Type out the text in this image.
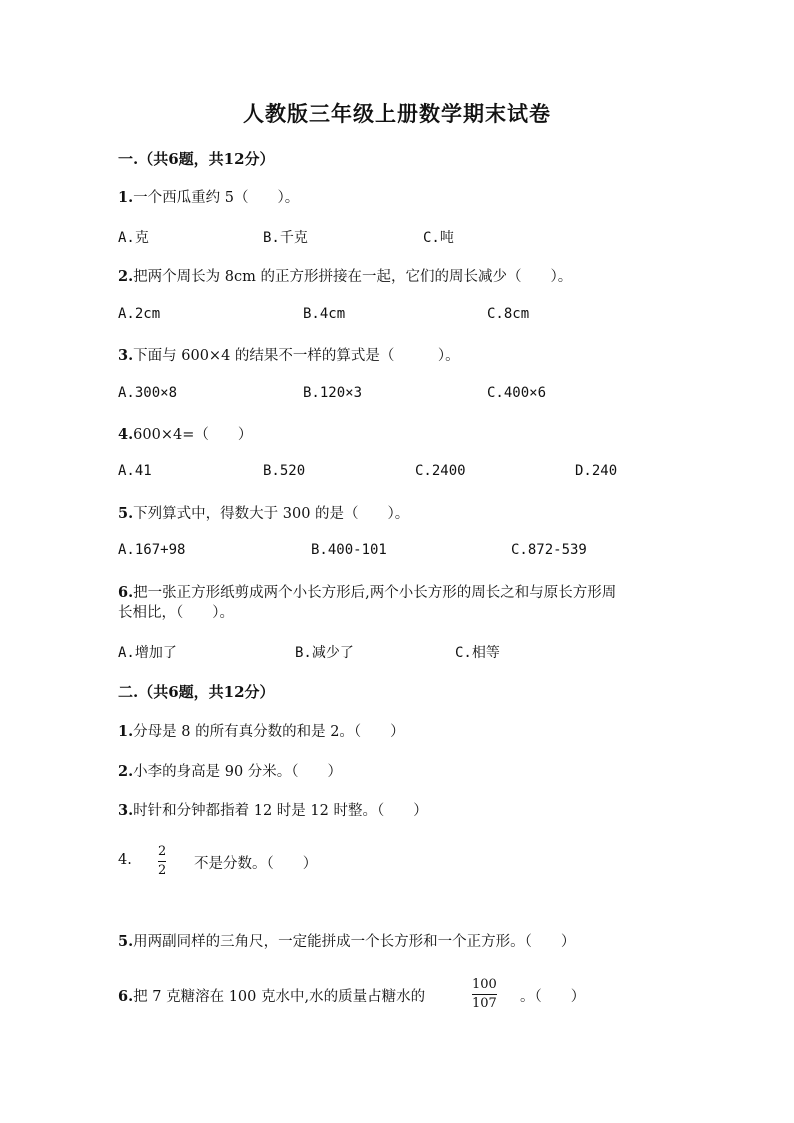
人教版三年级上册数学期末试卷
一.（共6题，共12分）
1.一个西瓜重约 5（　　）。
A.克	B.千克	C.吨
2.把两个周长为 8cm 的正方形拼接在一起，它们的周长减少（　　）。
A.2cm	B.4cm	C.8cm
3.下面与 600×4 的结果不一样的算式是（　　　）。
A.300×8	B.120×3	C.400×6
4.600×4=（　　）
A.41	B.520	C.2400	D.240
5.下列算式中，得数大于 300 的是（　　）。
A.167+98	B.400-101	C.872-539
6.把一张正方形纸剪成两个小长方形后,两个小长方形的周长之和与原长方形周
长相比，（　　）。
A.增加了	B.减少了	C.相等
二.（共6题，共12分）
1.分母是 8 的所有真分数的和是 2。（　　）
2.小李的身高是 90 分米。（　　）
3.时针和分钟都指着 12 时是 12 时整。（　　）
4. $\frac{2}{2}$ 不是分数。（　　）
5.用两副同样的三角尺，一定能拼成一个长方形和一个正方形。（　　）
6.把 7 克糖溶在 100 克水中,水的质量占糖水的	$\frac{100}{107}$ 。（　　）
